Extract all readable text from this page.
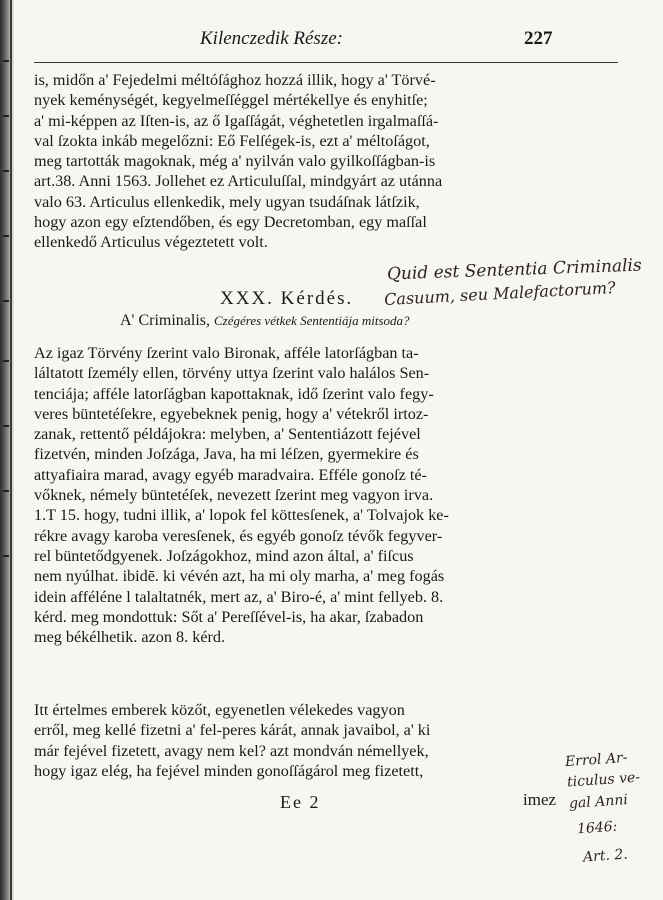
Kilenczedik Része:	227
is, midőn a' Fejedelmi méltóſághoz hozzá illik, hogy a' Törvé-
nyek keménységét, kegyelmeſſéggel mértékellye és enyhitſe;
a' mi-képpen az Iſten-is, az ő Igaſſágát, véghetetlen irgalmaſſá-
val ſzokta inkáb megelőzni: Eő Felſégek-is, ezt a' méltoſágot,
meg tartották magoknak, még a' nyilván valo gyilkoſſágban-is
art.38. Anni 1563. Jollehet ez Articuluſſal, mindgyárt az utánna
valo 63. Articulus ellenkedik, mely ugyan tsudáſnak látſzik,
hogy azon egy eſztendőben, és egy Decretomban, egy maſſal
ellenkedő Articulus végeztetett volt.
Quid est Sententia Criminalis
Casuum, seu Malefactorum?
XXX. Kérdés.
A' Criminalis, Czégéres vétkek Sententiája mitsoda?
Az igaz Törvény ſzerint valo Bironak, afféle latorſágban ta-
láltatott ſzemély ellen, törvény uttya ſzerint valo halálos Sen-
tenciája; afféle latorſágban kapottaknak, idő ſzerint valo fegy-
veres büntetéſekre, egyebeknek penig, hogy a' vétekről irtoz-
zanak, rettentő példájokra: melyben, a' Sententiázott fejével
fizetvén, minden Joſzága, Java, ha mi léſzen, gyermekire és
attyafiaira marad, avagy egyéb maradvaira. Efféle gonoſz té-
vőknek, némely büntetéſek, nevezett ſzerint meg vagyon irva.
1.T 15. hogy, tudni illik, a' lopok fel köttesſenek, a' Tolvajok ke-
rékre avagy karoba veresſenek, és egyéb gonoſz tévők fegyver-
rel büntetődgyenek. Joſzágokhoz, mind azon által, a' fiſcus
nem nyúlhat. ibidē. ki vévén azt, ha mi oly marha, a' meg fogás
idein afféléne l talaltatnék, mert az, a' Biro-é, a' mint fellyeb. 8.
kérd. meg mondottuk: Sőt a' Pereſſével-is, ha akar, ſzabadon
meg békélhetik. azon 8. kérd.
Itt értelmes emberek közőt, egyenetlen vélekedes vagyon
erről, meg kellé fizetni a' fel-peres kárát, annak javaibol, a' ki
már fejével fizetett, avagy nem kel? azt mondván némellyek,
hogy igaz elég, ha fejével minden gonoſſágárol meg fizetett,
Errol Ar-
ticulus ve-
gal Anni
1646:
Art. 2.
Ee 2	imez
